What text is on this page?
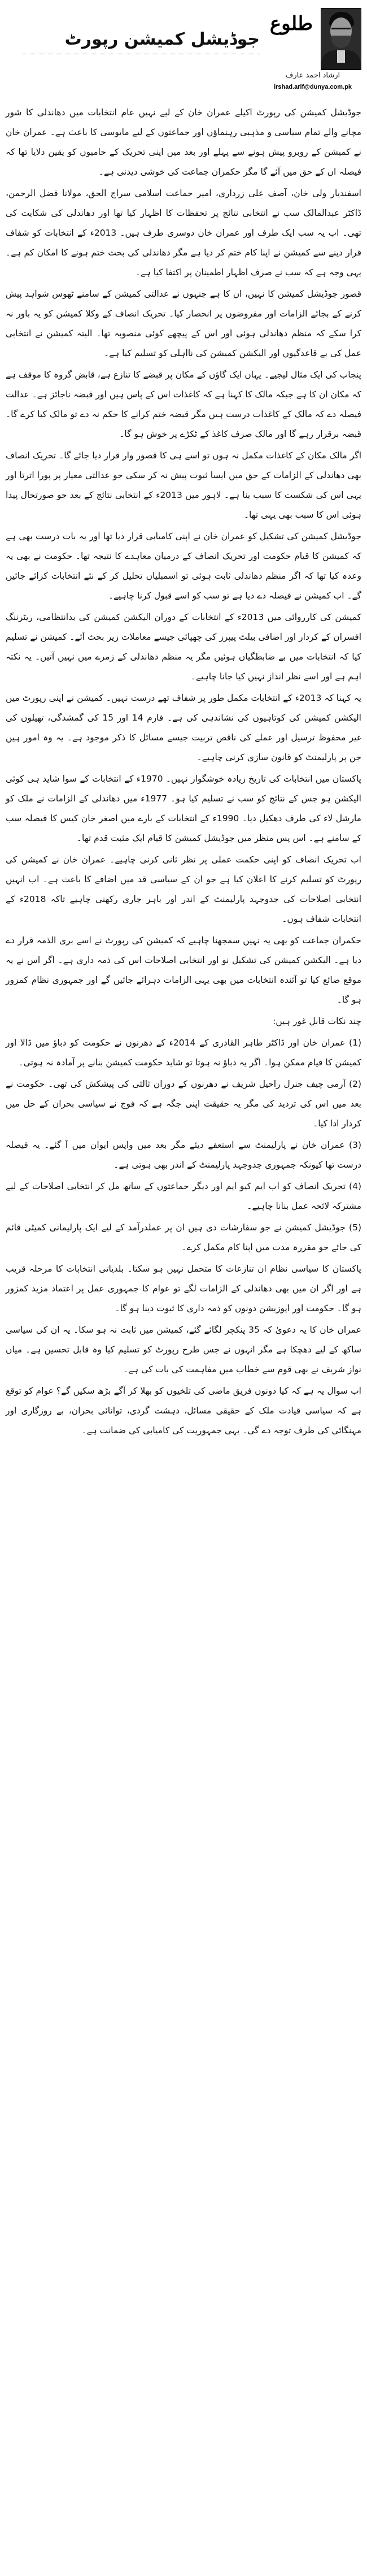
جوڈیشل کمیشن رپورٹ
طلوع
ارشاد احمد عارف
irshad.arif@dunya.com.pk

جوڈیشل کمیشن کی رپورٹ اکیلے عمران خان کے لیے نہیں عام انتخابات میں دھاندلی کا شور مچانے والے تمام سیاسی و مذہبی رہنماؤں اور جماعتوں کے لیے مایوسی کا باعث ہے۔ عمران خان نے کمیشن کے روبرو پیش ہونے سے پہلے اور بعد میں اپنی تحریک کے حامیوں کو یقین دلایا تھا کہ فیصلہ ان کے حق میں آئے گا مگر حکمران جماعت کی خوشی دیدنی ہے۔

اسفندیار ولی خان، آصف علی زرداری، امیر جماعت اسلامی سراج الحق، مولانا فضل الرحمن، ڈاکٹر عبدالمالک سب نے انتخابی نتائج پر تحفظات کا اظہار کیا تھا اور دھاندلی کی شکایت کی تھی۔ اب یہ سب ایک طرف اور عمران خان دوسری طرف ہیں۔ 2013ء کے انتخابات کو شفاف قرار دینے سے کمیشن نے اپنا کام ختم کر دیا ہے مگر دھاندلی کی بحث ختم ہونے کا امکان کم ہے۔ یہی وجہ ہے کہ سب نے صرف اظہار اطمینان پر اکتفا کیا ہے۔

قصور جوڈیشل کمیشن کا نہیں، ان کا ہے جنہوں نے عدالتی کمیشن کے سامنے ٹھوس شواہد پیش کرنے کے بجائے الزامات اور مفروضوں پر انحصار کیا۔ تحریک انصاف کے وکلا کمیشن کو یہ باور نہ کرا سکے کہ منظم دھاندلی ہوئی اور اس کے پیچھے کوئی منصوبہ تھا۔ البتہ کمیشن نے انتخابی عمل کی بے قاعدگیوں اور الیکشن کمیشن کی نااہلی کو تسلیم کیا ہے۔

پنجاب کی ایک مثال لیجیے۔ یہاں ایک گاؤں کے مکان پر قبضے کا تنازع ہے، قابض گروہ کا موقف ہے کہ مکان ان کا ہے جبکہ مالک کا کہنا ہے کہ کاغذات اس کے پاس ہیں اور قبضہ ناجائز ہے۔ عدالت فیصلہ دے کہ مالک کے کاغذات درست ہیں مگر قبضہ ختم کرانے کا حکم نہ دے تو مالک کیا کرے گا۔ قبضہ برقرار رہے گا اور مالک صرف کاغذ کے ٹکڑے پر خوش ہو گا۔

اگر مالک مکان کے کاغذات مکمل نہ ہوں تو اسے ہی کا قصور وار قرار دیا جائے گا۔ تحریک انصاف بھی دھاندلی کے الزامات کے حق میں ایسا ثبوت پیش نہ کر سکی جو عدالتی معیار پر پورا اترتا اور یہی اس کی شکست کا سبب بنا ہے۔ لاہور میں 2013ء کے انتخابی نتائج کے بعد جو صورتحال پیدا ہوئی اس کا سبب بھی یہی تھا۔

جوڈیشل کمیشن کی تشکیل کو عمران خان نے اپنی کامیابی قرار دیا تھا اور یہ بات درست بھی ہے کہ کمیشن کا قیام حکومت اور تحریک انصاف کے درمیان معاہدے کا نتیجہ تھا۔ حکومت نے بھی یہ وعدہ کیا تھا کہ اگر منظم دھاندلی ثابت ہوئی تو اسمبلیاں تحلیل کر کے نئے انتخابات کرائے جائیں گے۔ اب کمیشن نے فیصلہ دے دیا ہے تو سب کو اسے قبول کرنا چاہیے۔

کمیشن کی کارروائی میں 2013ء کے انتخابات کے دوران الیکشن کمیشن کی بدانتظامی، ریٹرننگ افسران کے کردار اور اضافی بیلٹ پیپرز کی چھپائی جیسے معاملات زیر بحث آئے۔ کمیشن نے تسلیم کیا کہ انتخابات میں بے ضابطگیاں ہوئیں مگر یہ منظم دھاندلی کے زمرے میں نہیں آتیں۔ یہ نکتہ اہم ہے اور اسے نظر انداز نہیں کیا جانا چاہیے۔

یہ کہنا کہ 2013ء کے انتخابات مکمل طور پر شفاف تھے درست نہیں۔ کمیشن نے اپنی رپورٹ میں الیکشن کمیشن کی کوتاہیوں کی نشاندہی کی ہے۔ فارم 14 اور 15 کی گمشدگی، تھیلوں کی غیر محفوظ ترسیل اور عملے کی ناقص تربیت جیسے مسائل کا ذکر موجود ہے۔ یہ وہ امور ہیں جن پر پارلیمنٹ کو قانون سازی کرنی چاہیے۔

پاکستان میں انتخابات کی تاریخ زیادہ خوشگوار نہیں۔ 1970ء کے انتخابات کے سوا شاید ہی کوئی الیکشن ہو جس کے نتائج کو سب نے تسلیم کیا ہو۔ 1977ء میں دھاندلی کے الزامات نے ملک کو مارشل لاء کی طرف دھکیل دیا۔ 1990ء کے انتخابات کے بارے میں اصغر خان کیس کا فیصلہ سب کے سامنے ہے۔ اس پس منظر میں جوڈیشل کمیشن کا قیام ایک مثبت قدم تھا۔

اب تحریک انصاف کو اپنی حکمت عملی پر نظر ثانی کرنی چاہیے۔ عمران خان نے کمیشن کی رپورٹ کو تسلیم کرنے کا اعلان کیا ہے جو ان کے سیاسی قد میں اضافے کا باعث ہے۔ اب انہیں انتخابی اصلاحات کی جدوجہد پارلیمنٹ کے اندر اور باہر جاری رکھنی چاہیے تاکہ 2018ء کے انتخابات شفاف ہوں۔

حکمران جماعت کو بھی یہ نہیں سمجھنا چاہیے کہ کمیشن کی رپورٹ نے اسے بری الذمہ قرار دے دیا ہے۔ الیکشن کمیشن کی تشکیل نو اور انتخابی اصلاحات اس کی ذمہ داری ہے۔ اگر اس نے یہ موقع ضائع کیا تو آئندہ انتخابات میں بھی یہی الزامات دہرائے جائیں گے اور جمہوری نظام کمزور ہو گا۔

چند نکات قابل غور ہیں:

(1) عمران خان اور ڈاکٹر طاہر القادری کے 2014ء کے دھرنوں نے حکومت کو دباؤ میں ڈالا اور کمیشن کا قیام ممکن ہوا۔ اگر یہ دباؤ نہ ہوتا تو شاید حکومت کمیشن بنانے پر آمادہ نہ ہوتی۔

(2) آرمی چیف جنرل راحیل شریف نے دھرنوں کے دوران ثالثی کی پیشکش کی تھی۔ حکومت نے بعد میں اس کی تردید کی مگر یہ حقیقت اپنی جگہ ہے کہ فوج نے سیاسی بحران کے حل میں کردار ادا کیا۔

(3) عمران خان نے پارلیمنٹ سے استعفے دیئے مگر بعد میں واپس ایوان میں آ گئے۔ یہ فیصلہ درست تھا کیونکہ جمہوری جدوجہد پارلیمنٹ کے اندر بھی ہوتی ہے۔

(4) تحریک انصاف کو اب ایم کیو ایم اور دیگر جماعتوں کے ساتھ مل کر انتخابی اصلاحات کے لیے مشترکہ لائحہ عمل بنانا چاہیے۔

(5) جوڈیشل کمیشن نے جو سفارشات دی ہیں ان پر عملدرآمد کے لیے ایک پارلیمانی کمیٹی قائم کی جائے جو مقررہ مدت میں اپنا کام مکمل کرے۔

پاکستان کا سیاسی نظام ان تنازعات کا متحمل نہیں ہو سکتا۔ بلدیاتی انتخابات کا مرحلہ قریب ہے اور اگر ان میں بھی دھاندلی کے الزامات لگے تو عوام کا جمہوری عمل پر اعتماد مزید کمزور ہو گا۔ حکومت اور اپوزیشن دونوں کو ذمہ داری کا ثبوت دینا ہو گا۔

عمران خان کا یہ دعویٰ کہ 35 پنکچر لگائے گئے، کمیشن میں ثابت نہ ہو سکا۔ یہ ان کی سیاسی ساکھ کے لیے دھچکا ہے مگر انہوں نے جس طرح رپورٹ کو تسلیم کیا وہ قابل تحسین ہے۔ میاں نواز شریف نے بھی قوم سے خطاب میں مفاہمت کی بات کی ہے۔

اب سوال یہ ہے کہ کیا دونوں فریق ماضی کی تلخیوں کو بھلا کر آگے بڑھ سکیں گے؟ عوام کو توقع ہے کہ سیاسی قیادت ملک کے حقیقی مسائل، دہشت گردی، توانائی بحران، بے روزگاری اور مہنگائی کی طرف توجہ دے گی۔ یہی جمہوریت کی کامیابی کی ضمانت ہے۔
